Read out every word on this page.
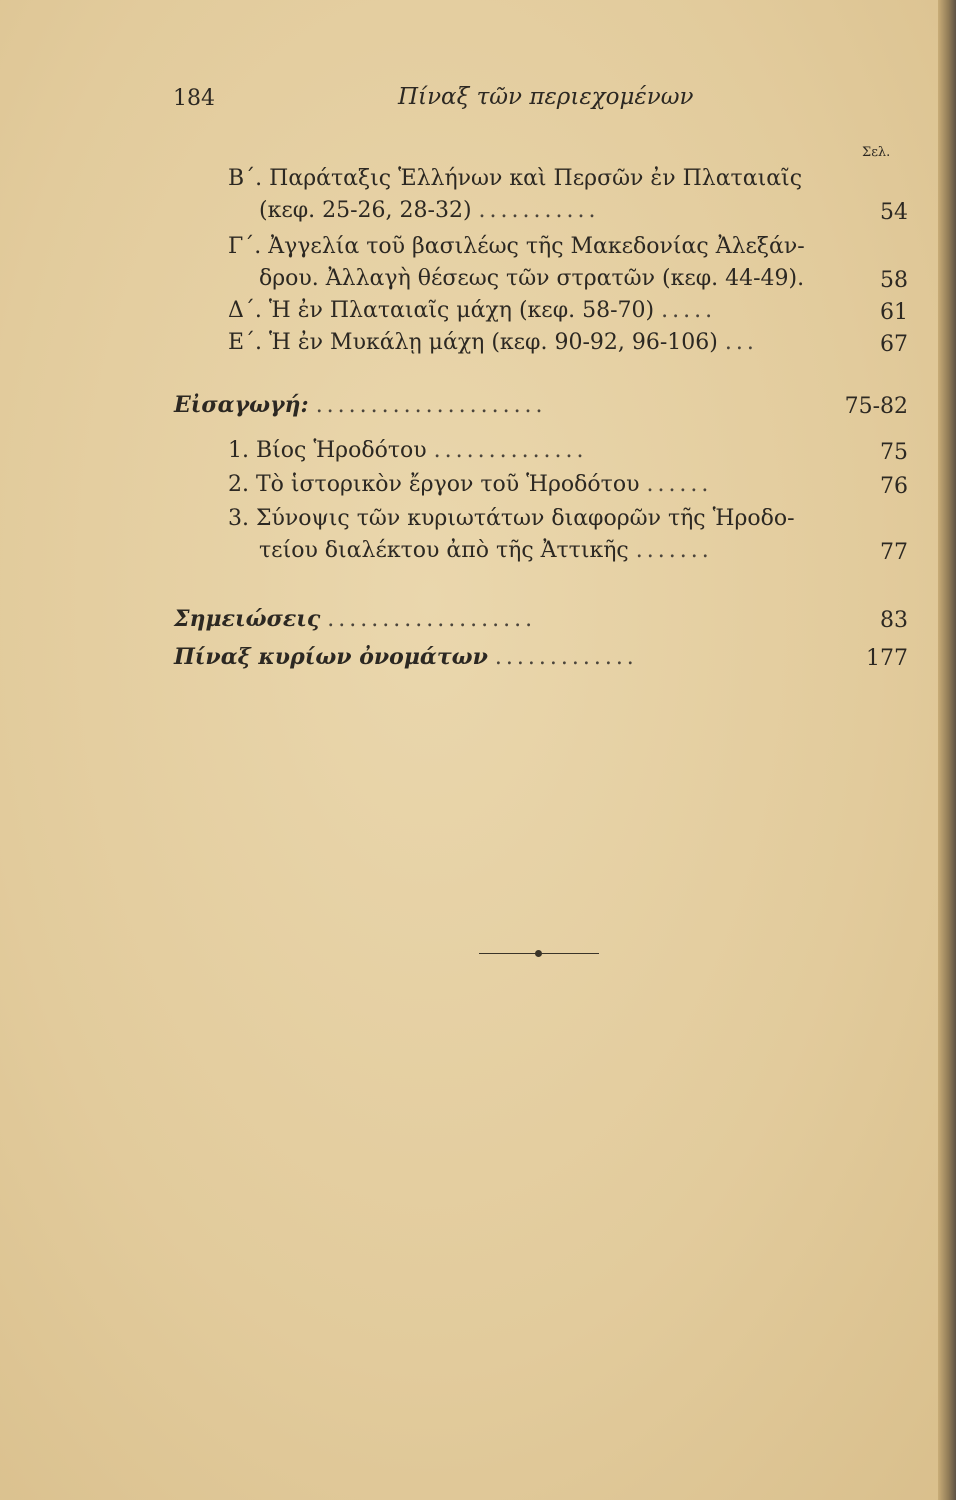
184	Πίναξ τῶν περιεχομένων
Σελ.
Β΄. Παράταξις Ἑλλήνων καὶ Περσῶν ἐν Πλαταιαῖς
(κεφ. 25-26, 28-32) ...........	54
Γ΄. Ἀγγελία τοῦ βασιλέως τῆς Μακεδονίας Ἀλεξάν-
δρου. Ἀλλαγὴ θέσεως τῶν στρατῶν (κεφ. 44-49).	58
Δ΄. Ἡ ἐν Πλαταιαῖς μάχη (κεφ. 58-70) .....	61
Ε΄. Ἡ ἐν Μυκάλῃ μάχη (κεφ. 90-92, 96-106) ...	67
Εἰσαγωγή: .....................	75-82
1. Βίος Ἡροδότου ..............	75
2. Τὸ ἱστορικὸν ἔργον τοῦ Ἡροδότου ......	76
3. Σύνοψις τῶν κυριωτάτων διαφορῶν τῆς Ἡροδο-
τείου διαλέκτου ἀπὸ τῆς Ἀττικῆς .......	77
Σημειώσεις ...................	83
Πίναξ κυρίων ὀνομάτων .............	177
